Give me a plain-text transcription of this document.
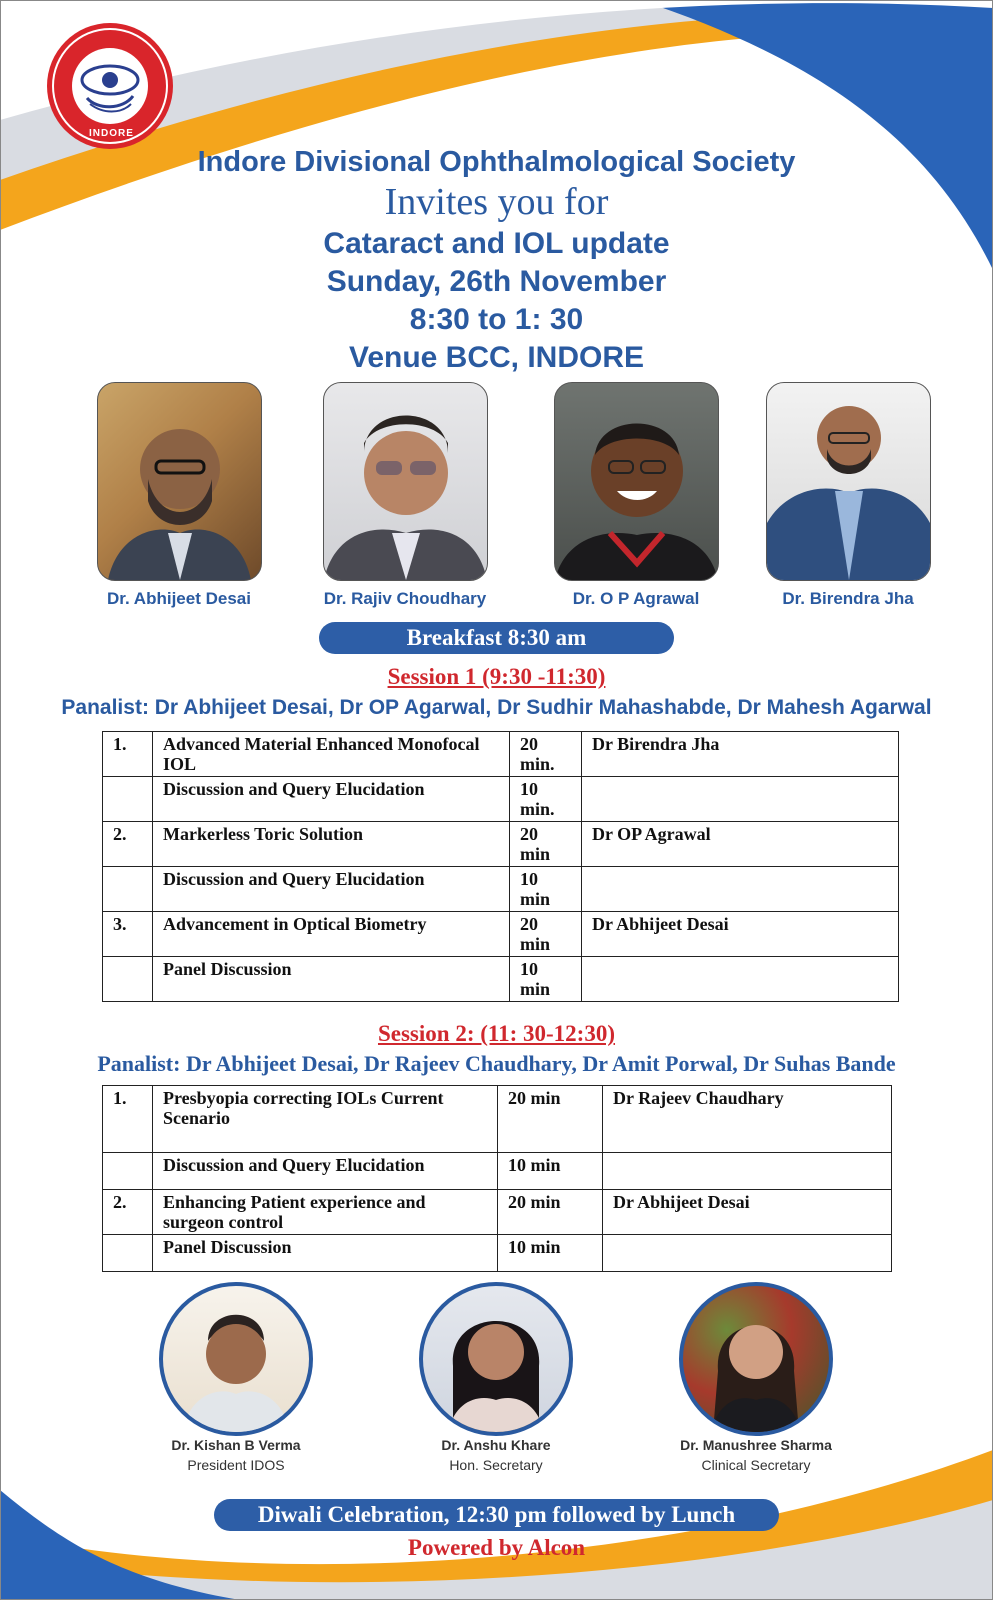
INDORE
Indore Divisional Ophthalmological Society
Invites you for
Cataract and IOL update
Sunday, 26th November
8:30 to 1: 30
Venue BCC, INDORE
Dr. Abhijeet Desai	Dr. Rajiv Choudhary	Dr. O P Agrawal	Dr. Birendra Jha
Breakfast 8:30 am
Session 1 (9:30 -11:30)
Panalist: Dr Abhijeet Desai, Dr OP Agarwal, Dr Sudhir Mahashabde, Dr Mahesh Agarwal
1.	Advanced Material Enhanced Monofocal IOL	20 min.	Dr Birendra Jha
	Discussion and Query Elucidation	10 min.	
2.	Markerless Toric Solution	20 min	Dr OP Agrawal
	Discussion and Query Elucidation	10 min	
3.	Advancement in Optical Biometry	20 min	Dr Abhijeet Desai
	Panel Discussion	10 min	
Session 2: (11: 30-12:30)
Panalist: Dr Abhijeet Desai, Dr Rajeev Chaudhary, Dr Amit Porwal, Dr Suhas Bande
1.	Presbyopia correcting IOLs Current Scenario	20 min	Dr Rajeev Chaudhary
	Discussion and Query Elucidation	10 min	
2.	Enhancing Patient experience and surgeon control	20 min	Dr Abhijeet Desai
	Panel Discussion	10 min	
Dr. Kishan B Verma
President IDOS
Dr. Anshu Khare
Hon. Secretary
Dr. Manushree Sharma
Clinical Secretary
Diwali Celebration, 12:30 pm followed by Lunch
Powered by Alcon
